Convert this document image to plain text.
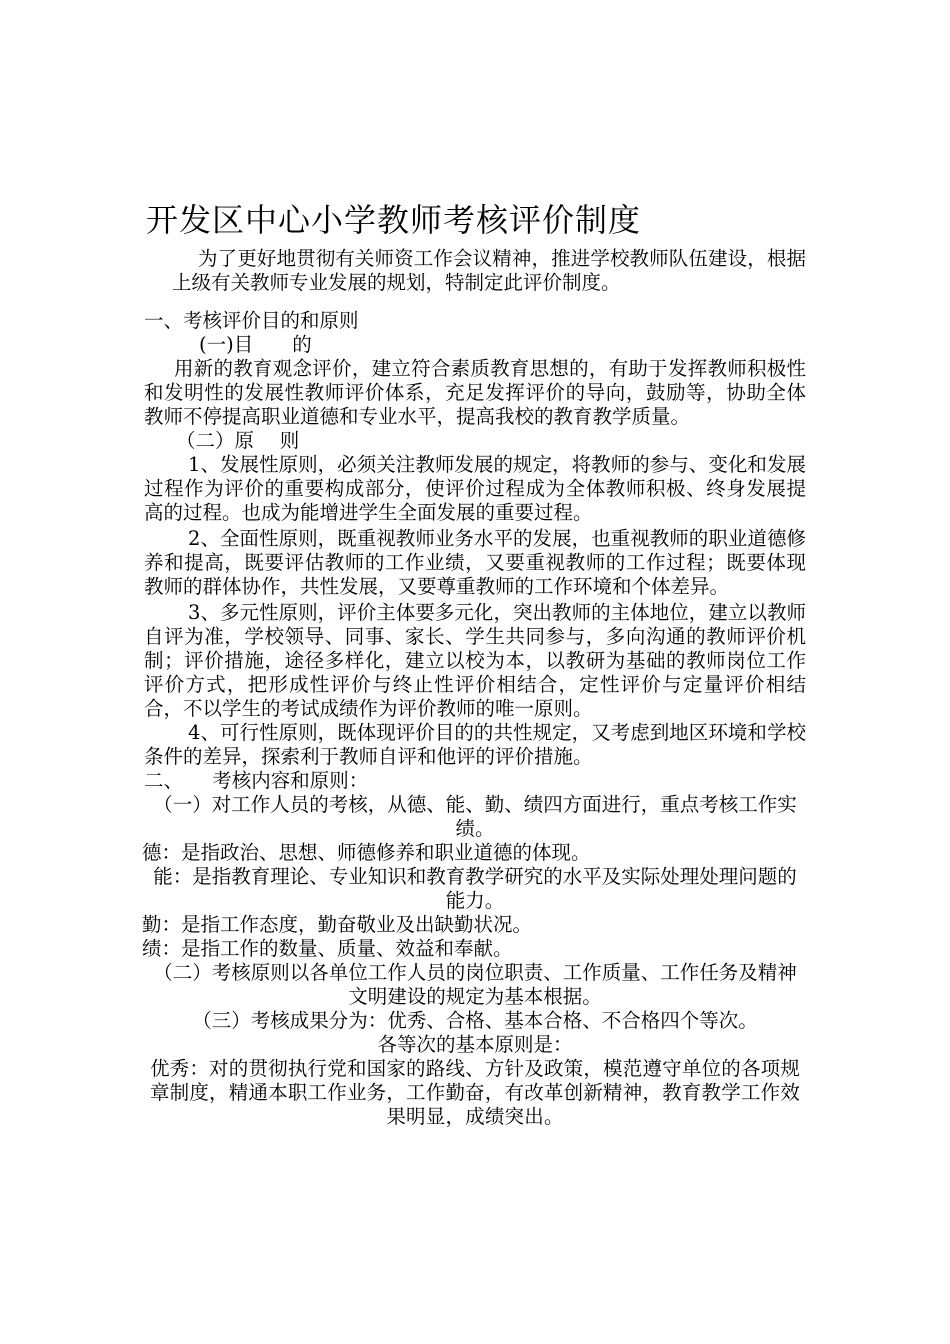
开发区中心小学教师考核评价制度

为了更好地贯彻有关师资工作会议精神，推进学校教师队伍建设，根据上级有关教师专业发展的规划，特制定此评价制度。

一、考核评价目的和原则

(一)目　　的

用新的教育观念评价，建立符合素质教育思想的，有助于发挥教师积极性和发明性的发展性教师评价体系，充足发挥评价的导向，鼓励等，协助全体教师不停提高职业道德和专业水平，提高我校的教育教学质量。

（二）原　 则

1、发展性原则，必须关注教师发展的规定，将教师的参与、变化和发展过程作为评价的重要构成部分，使评价过程成为全体教师积极、终身发展提高的过程。也成为能增进学生全面发展的重要过程。

2、全面性原则，既重视教师业务水平的发展，也重视教师的职业道德修养和提高，既要评估教师的工作业绩，又要重视教师的工作过程；既要体现教师的群体协作，共性发展，又要尊重教师的工作环境和个体差异。

3、多元性原则，评价主体要多元化，突出教师的主体地位，建立以教师自评为准，学校领导、同事、家长、学生共同参与，多向沟通的教师评价机制；评价措施，途径多样化，建立以校为本，以教研为基础的教师岗位工作评价方式，把形成性评价与终止性评价相结合，定性评价与定量评价相结合，不以学生的考试成绩作为评价教师的唯一原则。

4、可行性原则，既体现评价目的的共性规定，又考虑到地区环境和学校条件的差异，探索利于教师自评和他评的评价措施。

二、　　考核内容和原则：

（一）对工作人员的考核，从德、能、勤、绩四方面进行，重点考核工作实绩。

德：是指政治、思想、师德修养和职业道德的体现。

能：是指教育理论、专业知识和教育教学研究的水平及实际处理处理问题的能力。

勤：是指工作态度，勤奋敬业及出缺勤状况。

绩：是指工作的数量、质量、效益和奉献。

（二）考核原则以各单位工作人员的岗位职责、工作质量、工作任务及精神文明建设的规定为基本根据。

（三）考核成果分为：优秀、合格、基本合格、不合格四个等次。

各等次的基本原则是：

优秀：对的贯彻执行党和国家的路线、方针及政策，模范遵守单位的各项规章制度，精通本职工作业务，工作勤奋，有改革创新精神，教育教学工作效果明显，成绩突出。
